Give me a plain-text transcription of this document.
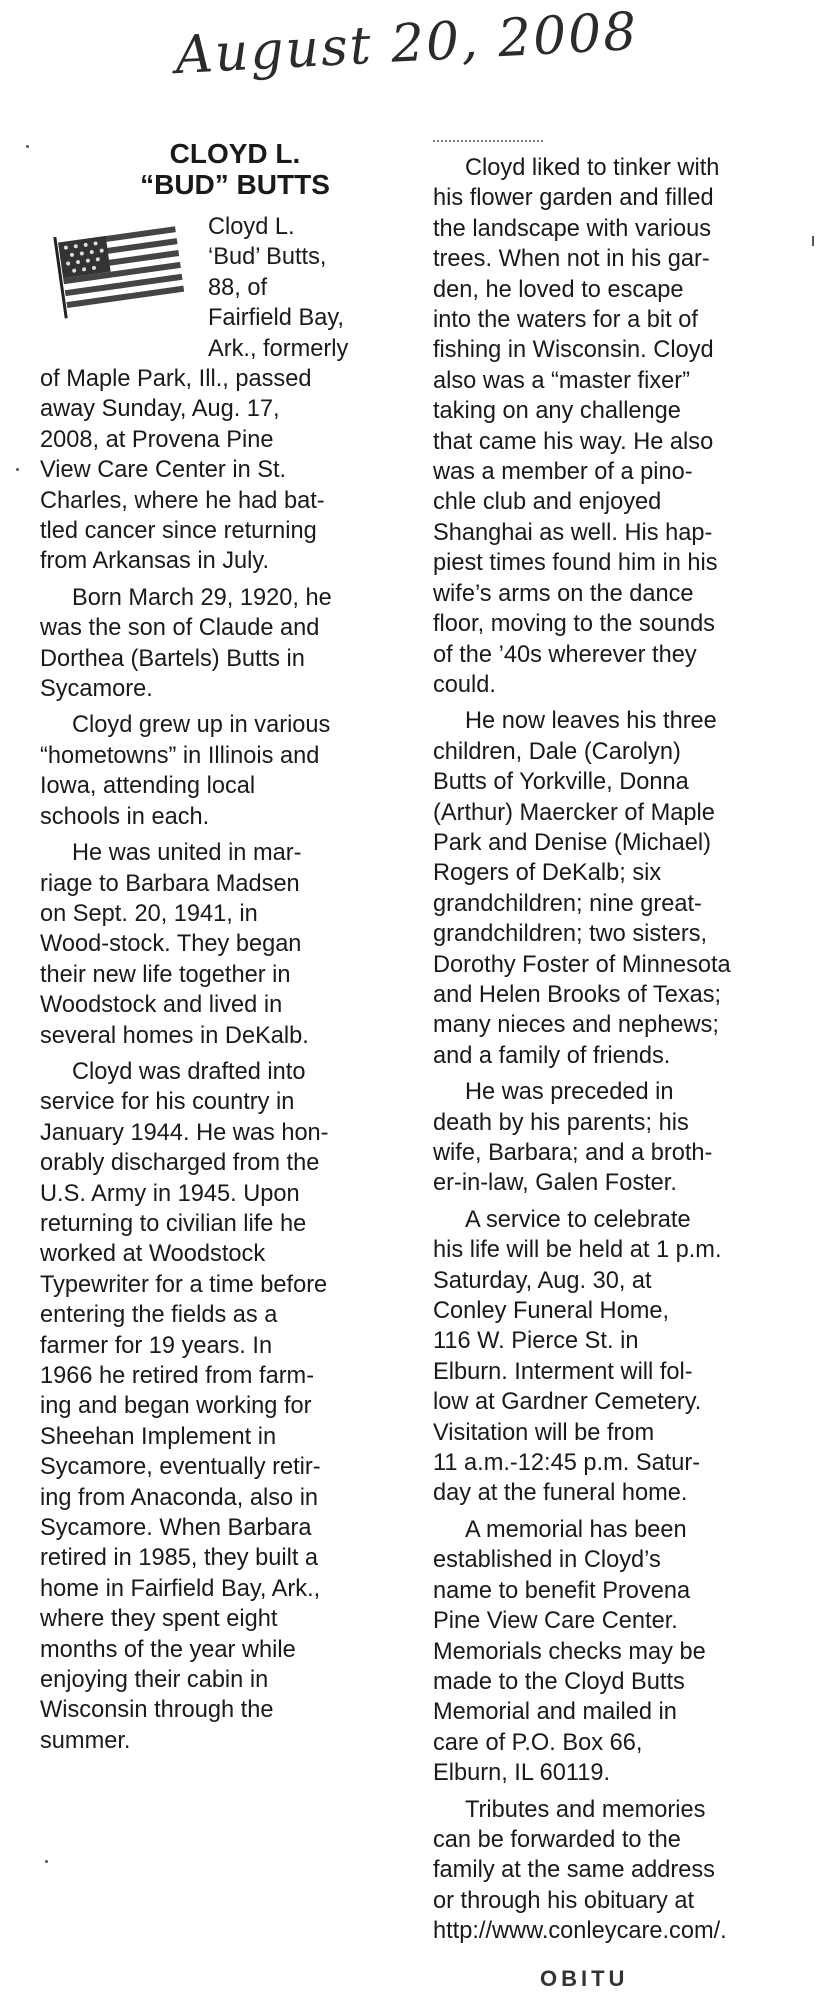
August 20, 2008
CLOYD L.
“BUD” BUTTS
Cloyd L.
‘Bud’ Butts,
88, of
Fairfield Bay,
Ark., formerly

of Maple Park, Ill., passed
away Sunday, Aug. 17,
2008, at Provena Pine
View Care Center in St.
Charles, where he had bat-
tled cancer since returning
from Arkansas in July.

Born March 29, 1920, he
was the son of Claude and
Dorthea (Bartels) Butts in
Sycamore.

Cloyd grew up in various
“hometowns” in Illinois and
Iowa, attending local
schools in each.

He was united in mar-
riage to Barbara Madsen
on Sept. 20, 1941, in
Wood-stock. They began
their new life together in
Woodstock and lived in
several homes in DeKalb.

Cloyd was drafted into
service for his country in
January 1944. He was hon-
orably discharged from the
U.S. Army in 1945. Upon
returning to civilian life he
worked at Woodstock
Typewriter for a time before
entering the fields as a
farmer for 19 years. In
1966 he retired from farm-
ing and began working for
Sheehan Implement in
Sycamore, eventually retir-
ing from Anaconda, also in
Sycamore. When Barbara
retired in 1985, they built a
home in Fairfield Bay, Ark.,
where they spent eight
months of the year while
enjoying their cabin in
Wisconsin through the
summer.

Cloyd liked to tinker with
his flower garden and filled
the landscape with various
trees. When not in his gar-
den, he loved to escape
into the waters for a bit of
fishing in Wisconsin. Cloyd
also was a “master fixer”
taking on any challenge
that came his way. He also
was a member of a pino-
chle club and enjoyed
Shanghai as well. His hap-
piest times found him in his
wife’s arms on the dance
floor, moving to the sounds
of the ’40s wherever they
could.

He now leaves his three
children, Dale (Carolyn)
Butts of Yorkville, Donna
(Arthur) Maercker of Maple
Park and Denise (Michael)
Rogers of DeKalb; six
grandchildren; nine great-
grandchildren; two sisters,
Dorothy Foster of Minnesota
and Helen Brooks of Texas;
many nieces and nephews;
and a family of friends.

He was preceded in
death by his parents; his
wife, Barbara; and a broth-
er-in-law, Galen Foster.

A service to celebrate
his life will be held at 1 p.m.
Saturday, Aug. 30, at
Conley Funeral Home,
116 W. Pierce St. in
Elburn. Interment will fol-
low at Gardner Cemetery.
Visitation will be from
11 a.m.-12:45 p.m. Satur-
day at the funeral home.

A memorial has been
established in Cloyd’s
name to benefit Provena
Pine View Care Center.
Memorials checks may be
made to the Cloyd Butts
Memorial and mailed in
care of P.O. Box 66,
Elburn, IL 60119.

Tributes and memories
can be forwarded to the
family at the same address
or through his obituary at
http://www.conleycare.com/.

OBITU
